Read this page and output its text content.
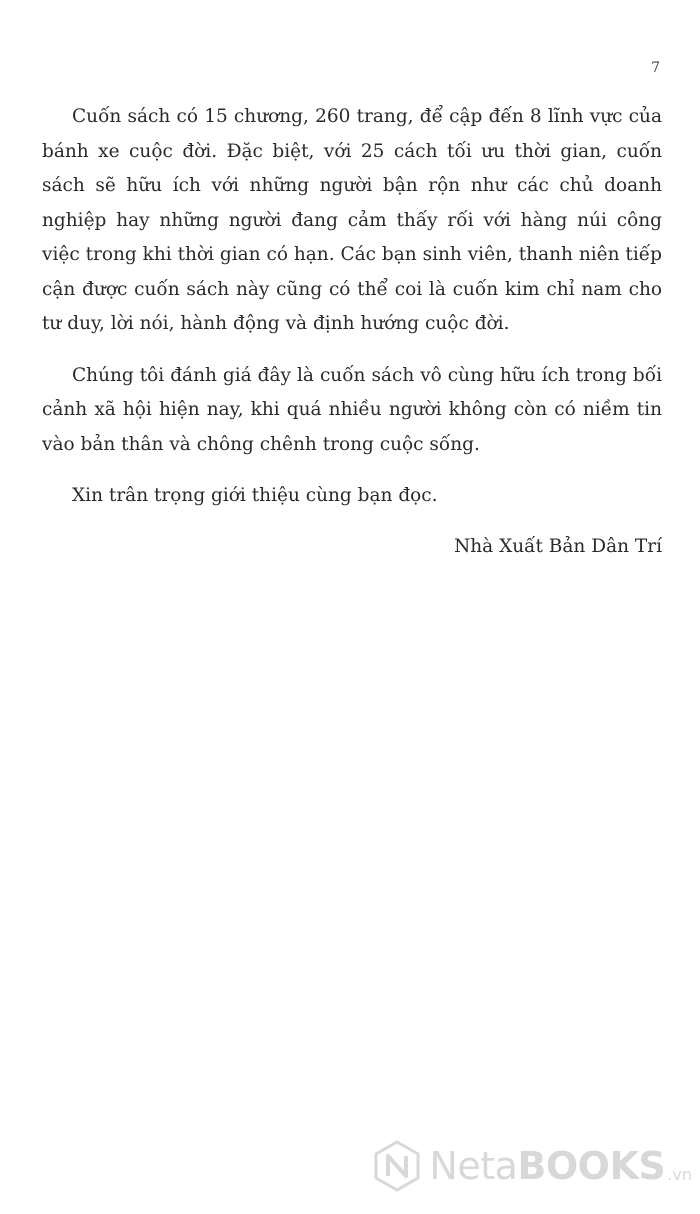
7

Cuốn sách có 15 chương, 260 trang, để cập đến 8 lĩnh vực của bánh xe cuộc đời. Đặc biệt, với 25 cách tối ưu thời gian, cuốn sách sẽ hữu ích với những người bận rộn như các chủ doanh nghiệp hay những người đang cảm thấy rối với hàng núi công việc trong khi thời gian có hạn. Các bạn sinh viên, thanh niên tiếp cận được cuốn sách này cũng có thể coi là cuốn kim chỉ nam cho tư duy, lời nói, hành động và định hướng cuộc đời.

Chúng tôi đánh giá đây là cuốn sách vô cùng hữu ích trong bối cảnh xã hội hiện nay, khi quá nhiều người không còn có niềm tin vào bản thân và chông chênh trong cuộc sống.

Xin trân trọng giới thiệu cùng bạn đọc.

Nhà Xuất Bản Dân Trí
NetaBOOKS .vn
